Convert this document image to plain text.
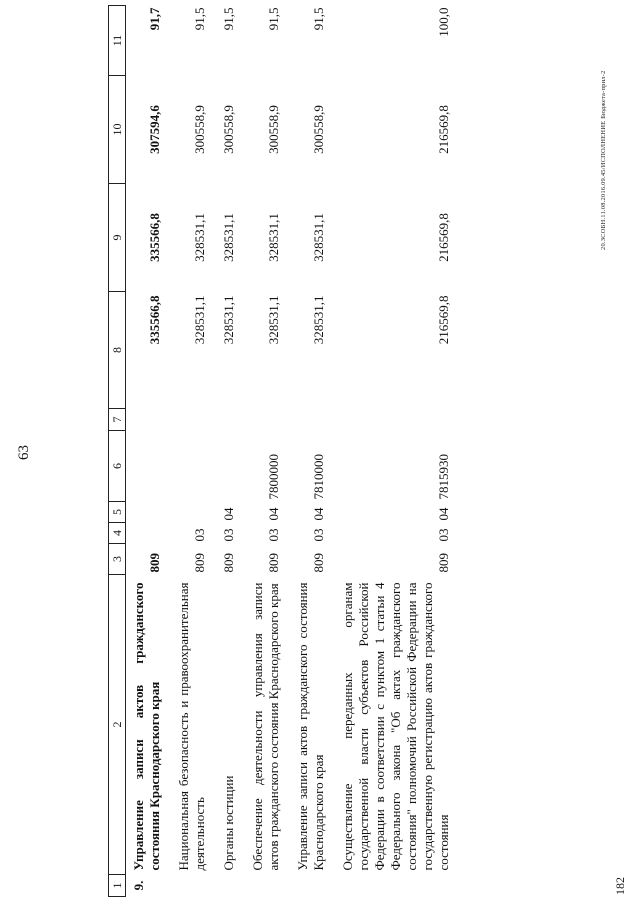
63
1	2	3	4	5	6	7	8	9	10	11
9.	Управление записи актов гражданского состояния Краснодарского края	809					335566,8	335566,8	307594,6	91,7
	Национальная безопасность и правоохранительная деятельность	809	03				328531,1	328531,1	300558,9	91,5
	Органы юстиции	809	03	04			328531,1	328531,1	300558,9	91,5
	Обеспечение деятельности управления записи актов гражданского состояния Краснодарского края	809	03	04	7800000		328531,1	328531,1	300558,9	91,5
	Управление записи актов гражданского состояния Краснодарского края	809	03	04	7810000		328531,1	328531,1	300558,9	91,5
	Осуществление переданных органам государственной власти субъектов Российской Федерации в соответствии с пунктом 1 статьи 4 Федерального закона "Об актах гражданского состояния" полномочий Российской Федерации на государственную регистрацию актов гражданского состояния	809	03	04	7815930		216569,8	216569,8	216569,8	100,0
20.ЗСОБН.11.08.2016.09.45/ИСПОЛНЕНИЕ Бюджета-прил-2
182
